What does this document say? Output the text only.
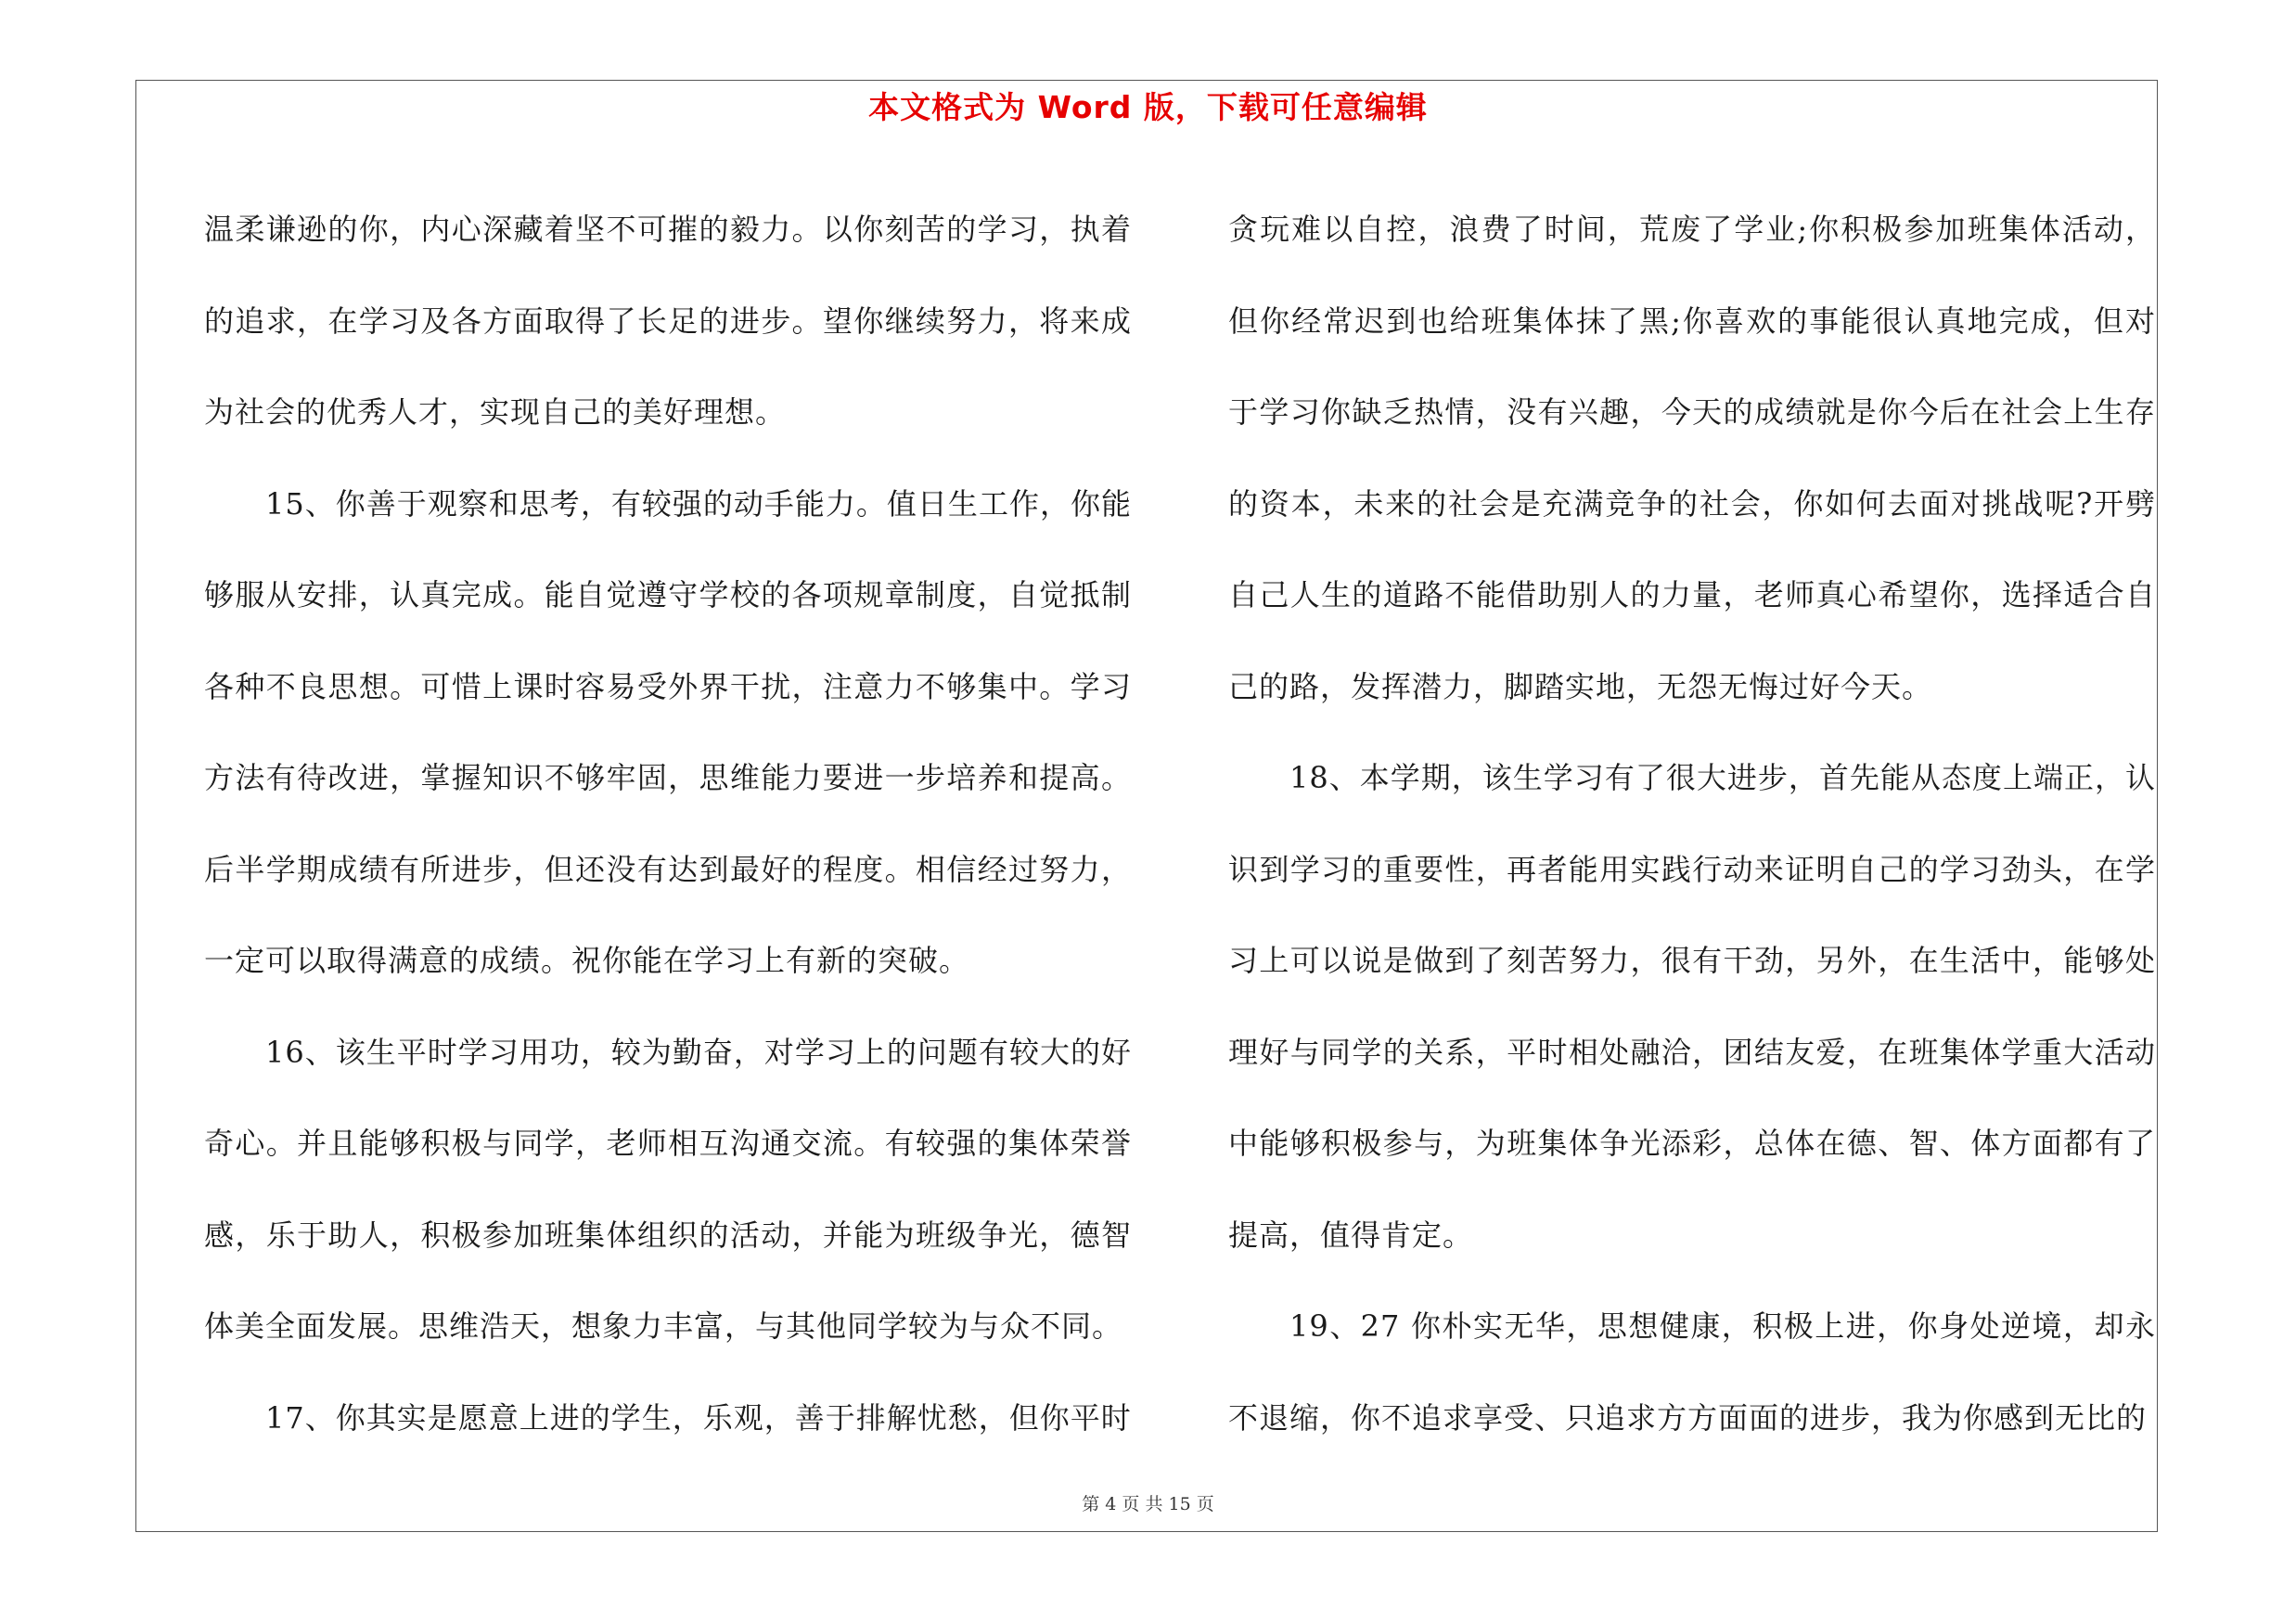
本文格式为 Word 版，下载可任意编辑

温柔谦逊的你，内心深藏着坚不可摧的毅力。以你刻苦的学习，执着的追求，在学习及各方面取得了长足的进步。望你继续努力，将来成为社会的优秀人才，实现自己的美好理想。

15、你善于观察和思考，有较强的动手能力。值日生工作，你能够服从安排，认真完成。能自觉遵守学校的各项规章制度，自觉抵制各种不良思想。可惜上课时容易受外界干扰，注意力不够集中。学习方法有待改进，掌握知识不够牢固，思维能力要进一步培养和提高。后半学期成绩有所进步，但还没有达到最好的程度。相信经过努力，一定可以取得满意的成绩。祝你能在学习上有新的突破。

16、该生平时学习用功，较为勤奋，对学习上的问题有较大的好奇心。并且能够积极与同学，老师相互沟通交流。有较强的集体荣誉感，乐于助人，积极参加班集体组织的活动，并能为班级争光，德智体美全面发展。思维浩天，想象力丰富，与其他同学较为与众不同。

17、你其实是愿意上进的学生，乐观，善于排解忧愁，但你平时

贪玩难以自控，浪费了时间，荒废了学业;你积极参加班集体活动，但你经常迟到也给班集体抹了黑;你喜欢的事能很认真地完成，但对于学习你缺乏热情，没有兴趣，今天的成绩就是你今后在社会上生存的资本，未来的社会是充满竞争的社会，你如何去面对挑战呢?开劈自己人生的道路不能借助别人的力量，老师真心希望你，选择适合自己的路，发挥潜力，脚踏实地，无怨无悔过好今天。

18、本学期，该生学习有了很大进步，首先能从态度上端正，认识到学习的重要性，再者能用实践行动来证明自己的学习劲头，在学习上可以说是做到了刻苦努力，很有干劲，另外，在生活中，能够处理好与同学的关系，平时相处融洽，团结友爱，在班集体学重大活动中能够积极参与，为班集体争光添彩，总体在德、智、体方面都有了提高，值得肯定。

19、27 你朴实无华，思想健康，积极上进，你身处逆境，却永不退缩，你不追求享受、只追求方方面面的进步，我为你感到无比的

第 4 页 共 15 页
